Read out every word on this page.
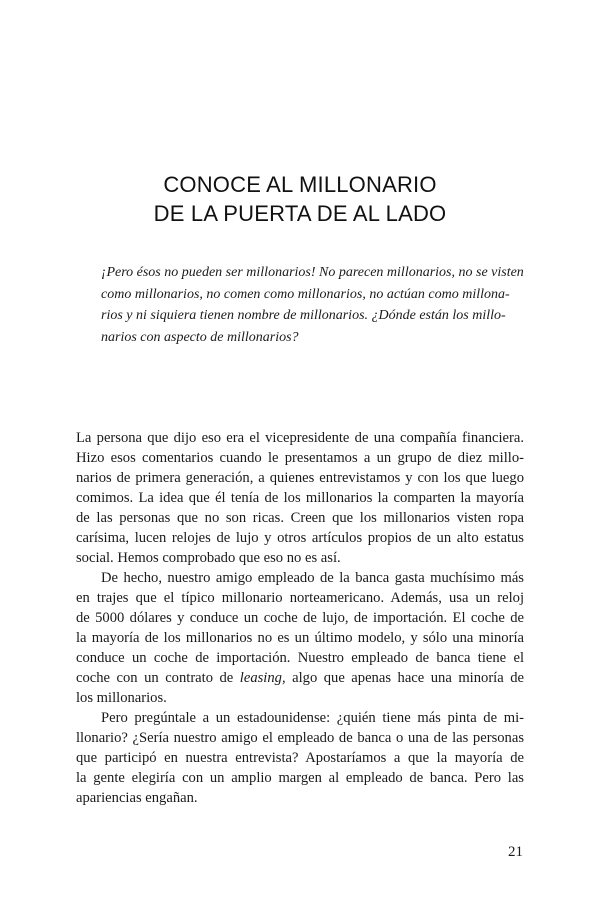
CONOCE AL MILLONARIO
DE LA PUERTA DE AL LADO
¡Pero ésos no pueden ser millonarios! No parecen millonarios, no se visten
como millonarios, no comen como millonarios, no actúan como millona-
rios y ni siquiera tienen nombre de millonarios. ¿Dónde están los millo-
narios con aspecto de millonarios?
La persona que dijo eso era el vicepresidente de una compañía financiera.
Hizo esos comentarios cuando le presentamos a un grupo de diez millo-
narios de primera generación, a quienes entrevistamos y con los que luego
comimos. La idea que él tenía de los millonarios la comparten la mayoría
de las personas que no son ricas. Creen que los millonarios visten ropa
carísima, lucen relojes de lujo y otros artículos propios de un alto estatus
social. Hemos comprobado que eso no es así.
De hecho, nuestro amigo empleado de la banca gasta muchísimo más
en trajes que el típico millonario norteamericano. Además, usa un reloj
de 5000 dólares y conduce un coche de lujo, de importación. El coche de
la mayoría de los millonarios no es un último modelo, y sólo una minoría
conduce un coche de importación. Nuestro empleado de banca tiene el
coche con un contrato de leasing, algo que apenas hace una minoría de
los millonarios.
Pero pregúntale a un estadounidense: ¿quién tiene más pinta de mi-
llonario? ¿Sería nuestro amigo el empleado de banca o una de las personas
que participó en nuestra entrevista? Apostaríamos a que la mayoría de
la gente elegiría con un amplio margen al empleado de banca. Pero las
apariencias engañan.
21
